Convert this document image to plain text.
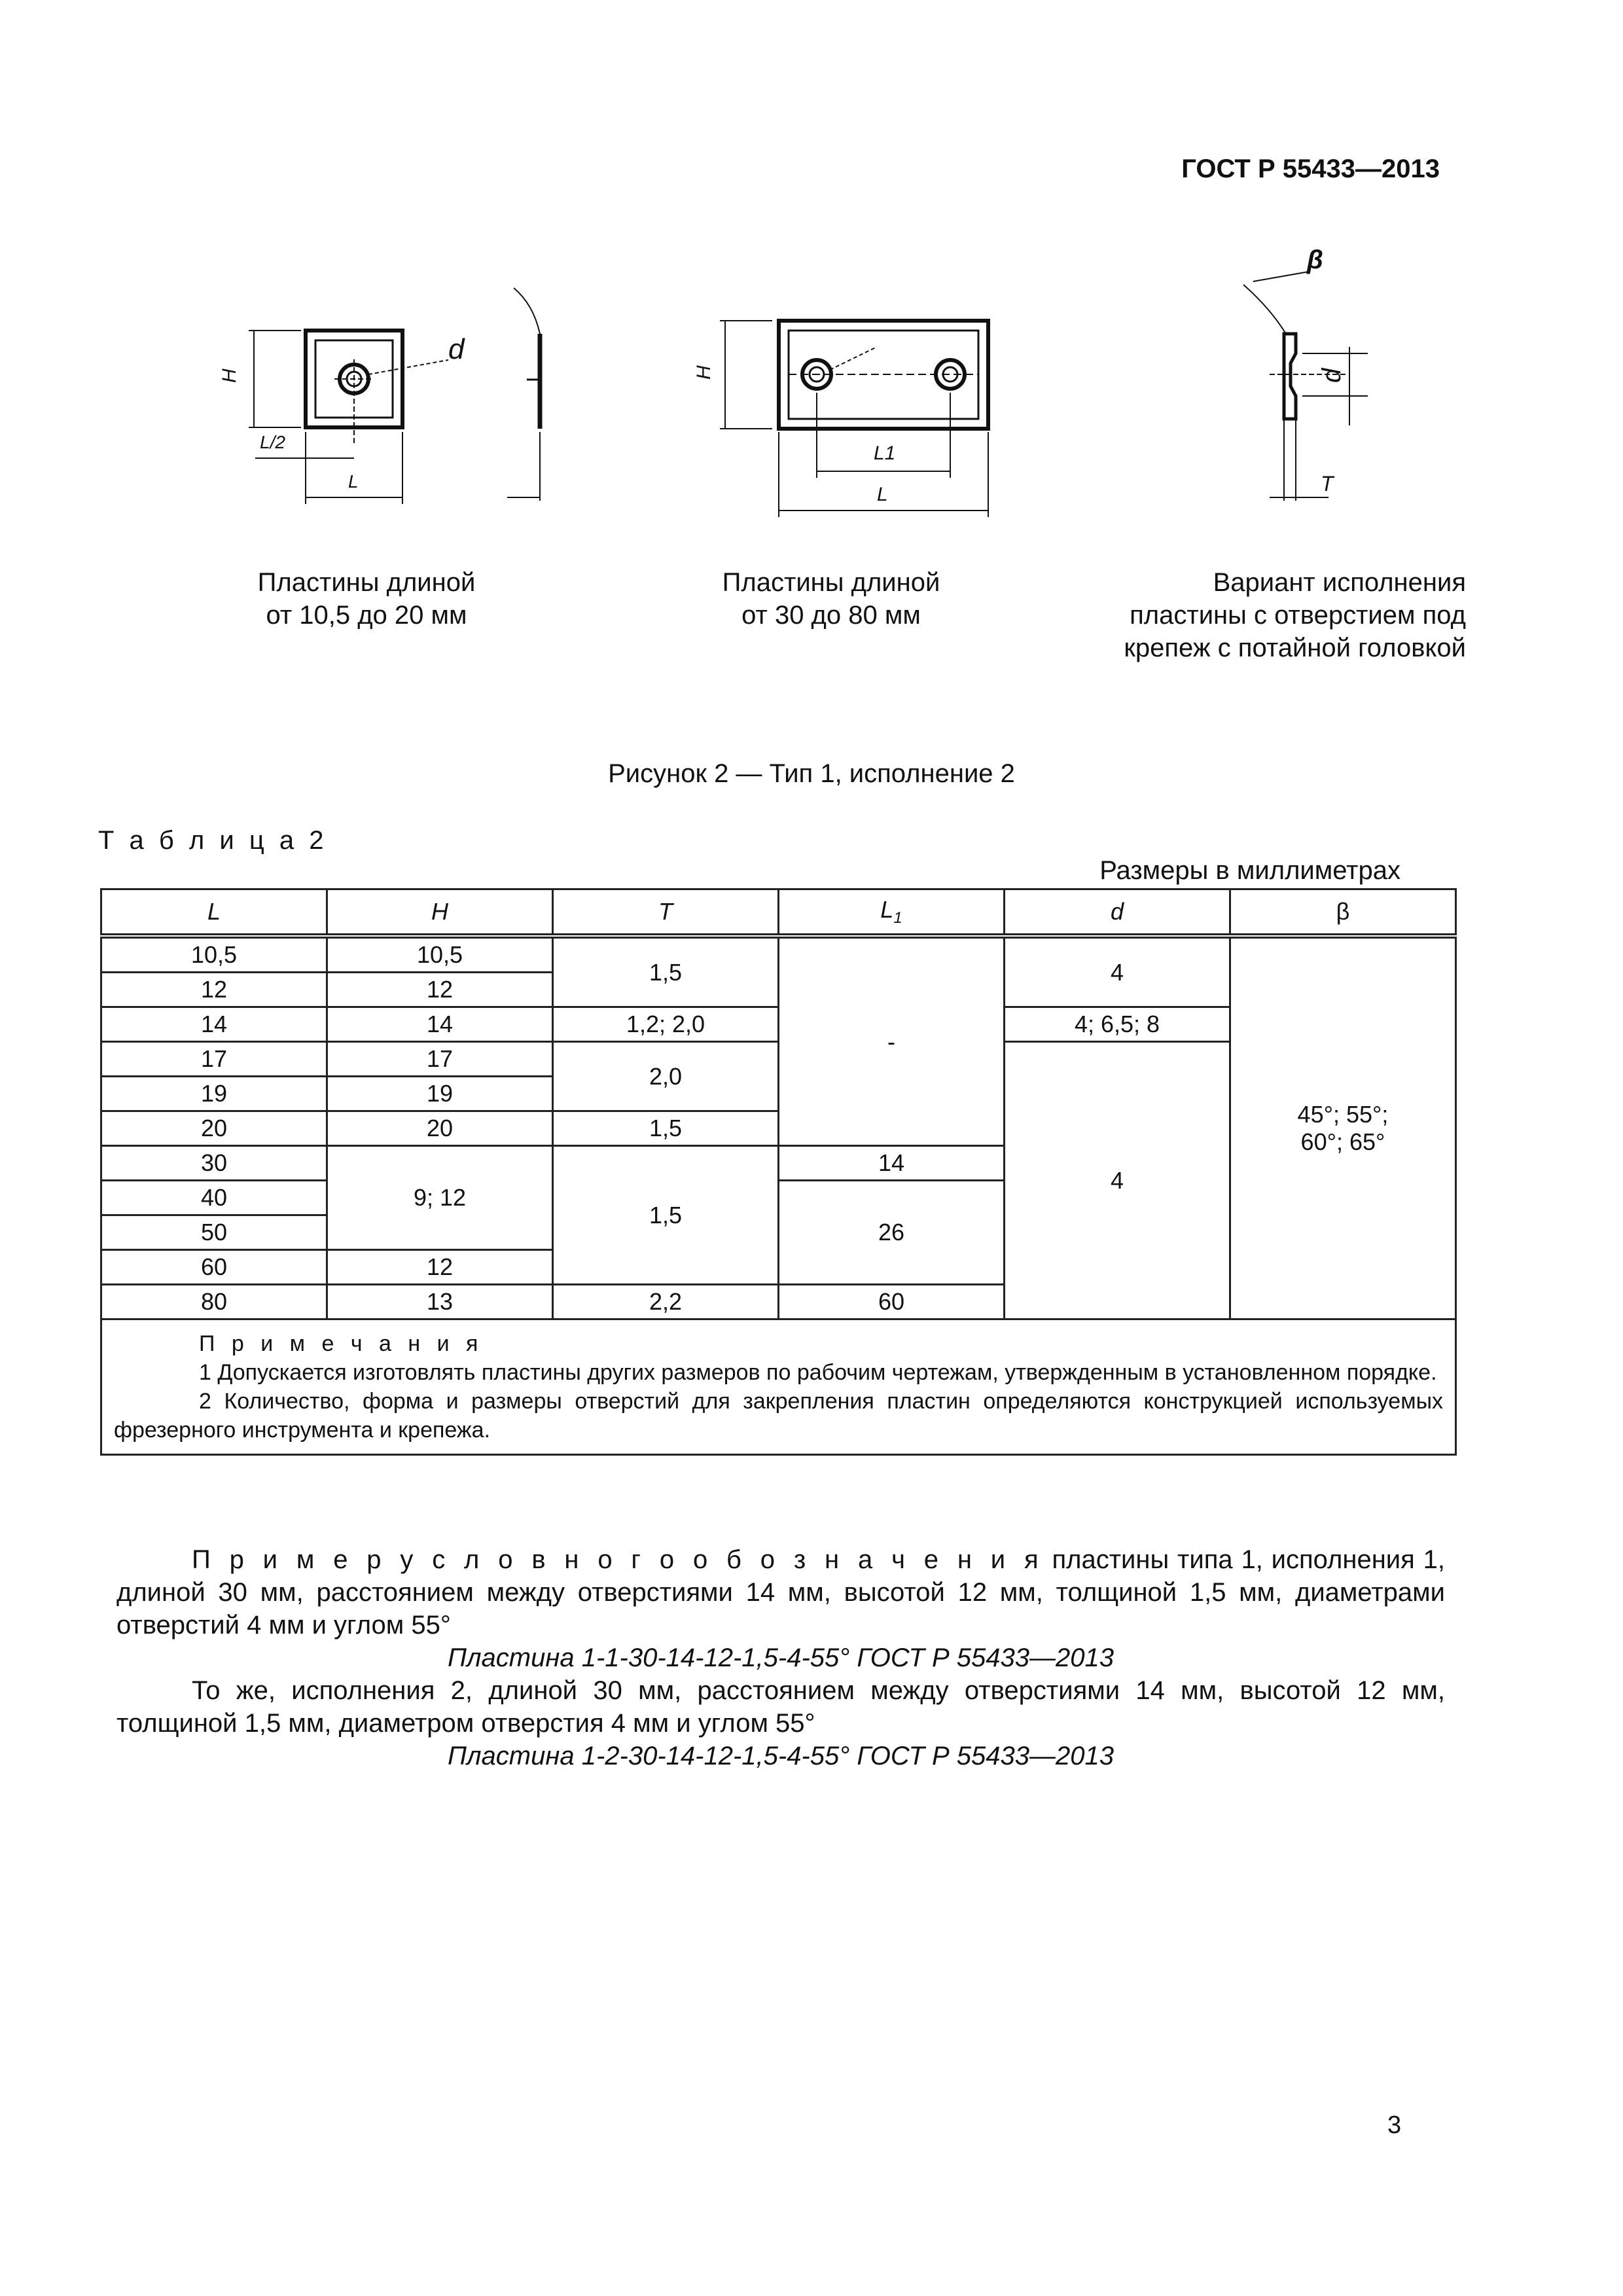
ГОСТ Р 55433—2013
H
L/2
L
d
H
L1
L
β
d
T
Пластины длиной
от 10,5 до 20 мм
Пластины длиной
от 30 до 80 мм
Вариант исполнения
пластины с отверстием под
крепеж с потайной головкой
Рисунок 2 — Тип 1, исполнение 2
Т а б л и ц а 2
Размеры в миллиметрах
L	H	T	$L_1$	d	β
10,5	10,5	1,5	-	4	45°; 55°;
60°; 65°

12	12				
14	14	1,2; 2,0		4; 6,5; 8	
17	17	2,0		4	
19	19				
20	20	1,5			
30	9; 12	1,5	14		
40			26		
50					
60	12				
80	13	2,2	60		

П р и м е ч а н и я
1 Допускается изготовлять пластины других размеров по рабочим чертежам, утвержденным в установленном порядке.
2 Количество, форма и размеры отверстий для закрепления пластин определяются конструкцией используемых фрезерного инструмента и крепежа.					
П р и м е р у с л о в н о г о о б о з н а ч е н и я пластины типа 1, исполнения 1, длиной 30 мм, расстоянием между отверстиями 14 мм, высотой 12 мм, толщиной 1,5 мм, диаметрами отверстий 4 мм и углом 55°
Пластина 1-1-30-14-12-1,5-4-55° ГОСТ Р 55433—2013
То же, исполнения 2, длиной 30 мм, расстоянием между отверстиями 14 мм, высотой 12 мм, толщиной 1,5 мм, диаметром отверстия 4 мм и углом 55°
Пластина 1-2-30-14-12-1,5-4-55° ГОСТ Р 55433—2013
3
